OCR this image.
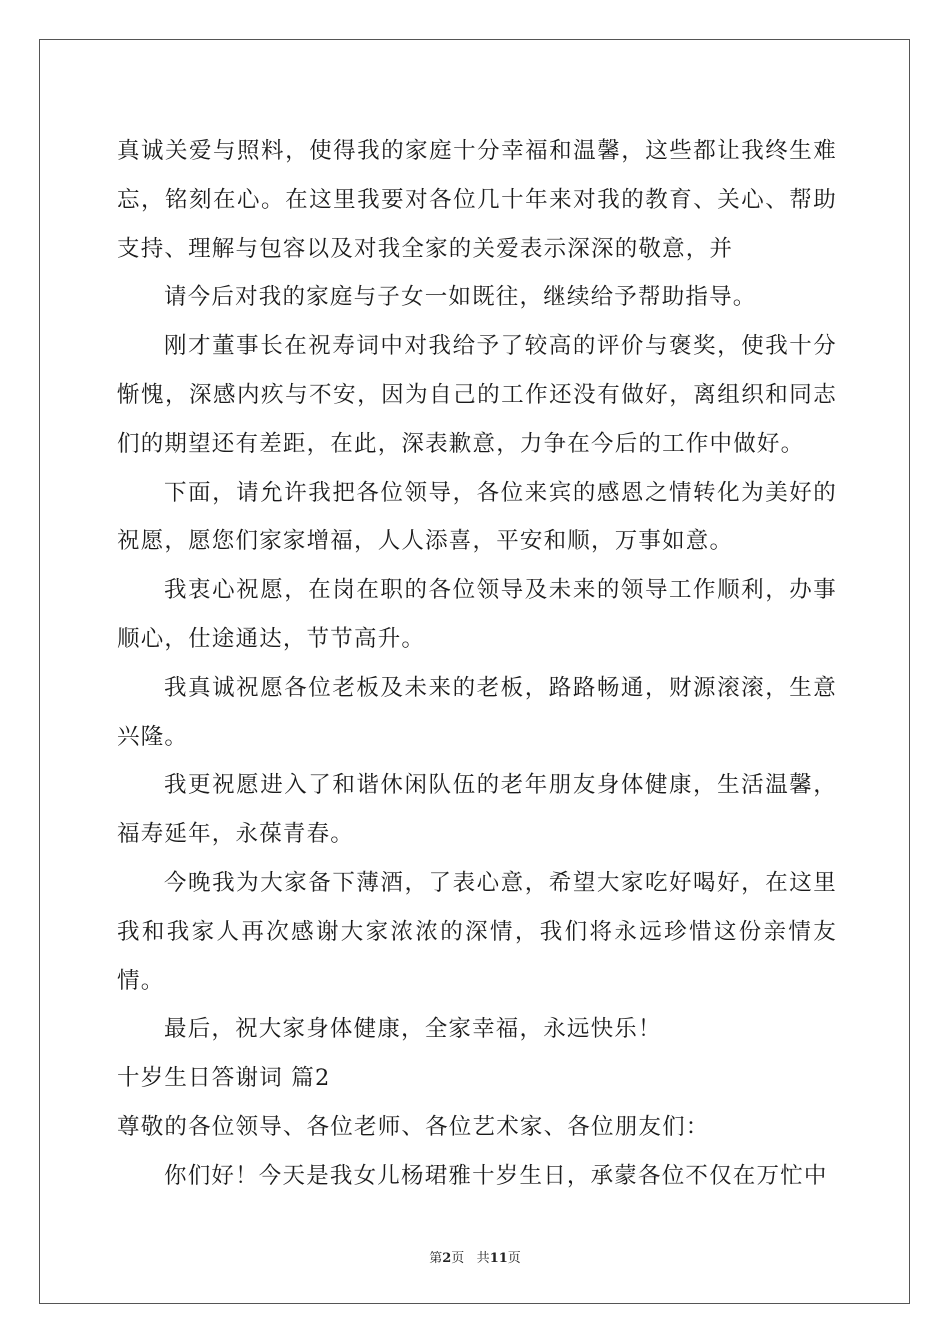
真诚关爱与照料，使得我的家庭十分幸福和温馨，这些都让我终生难忘，铭刻在心。在这里我要对各位几十年来对我的教育、关心、帮助支持、理解与包容以及对我全家的关爱表示深深的敬意，并

请今后对我的家庭与子女一如既往，继续给予帮助指导。

刚才董事长在祝寿词中对我给予了较高的评价与褒奖，使我十分惭愧，深感内疚与不安，因为自己的工作还没有做好，离组织和同志们的期望还有差距，在此，深表歉意，力争在今后的工作中做好。

下面，请允许我把各位领导，各位来宾的感恩之情转化为美好的祝愿，愿您们家家增福，人人添喜，平安和顺，万事如意。

我衷心祝愿，在岗在职的各位领导及未来的领导工作顺利，办事顺心，仕途通达，节节高升。

我真诚祝愿各位老板及未来的老板，路路畅通，财源滚滚，生意兴隆。

我更祝愿进入了和谐休闲队伍的老年朋友身体健康，生活温馨，福寿延年，永葆青春。

今晚我为大家备下薄酒，了表心意，希望大家吃好喝好，在这里我和我家人再次感谢大家浓浓的深情，我们将永远珍惜这份亲情友情。

最后，祝大家身体健康，全家幸福，永远快乐！

十岁生日答谢词 篇2

尊敬的各位领导、各位老师、各位艺术家、各位朋友们：

你们好！今天是我女儿杨珺雅十岁生日，承蒙各位不仅在万忙中

第2页 共11页
